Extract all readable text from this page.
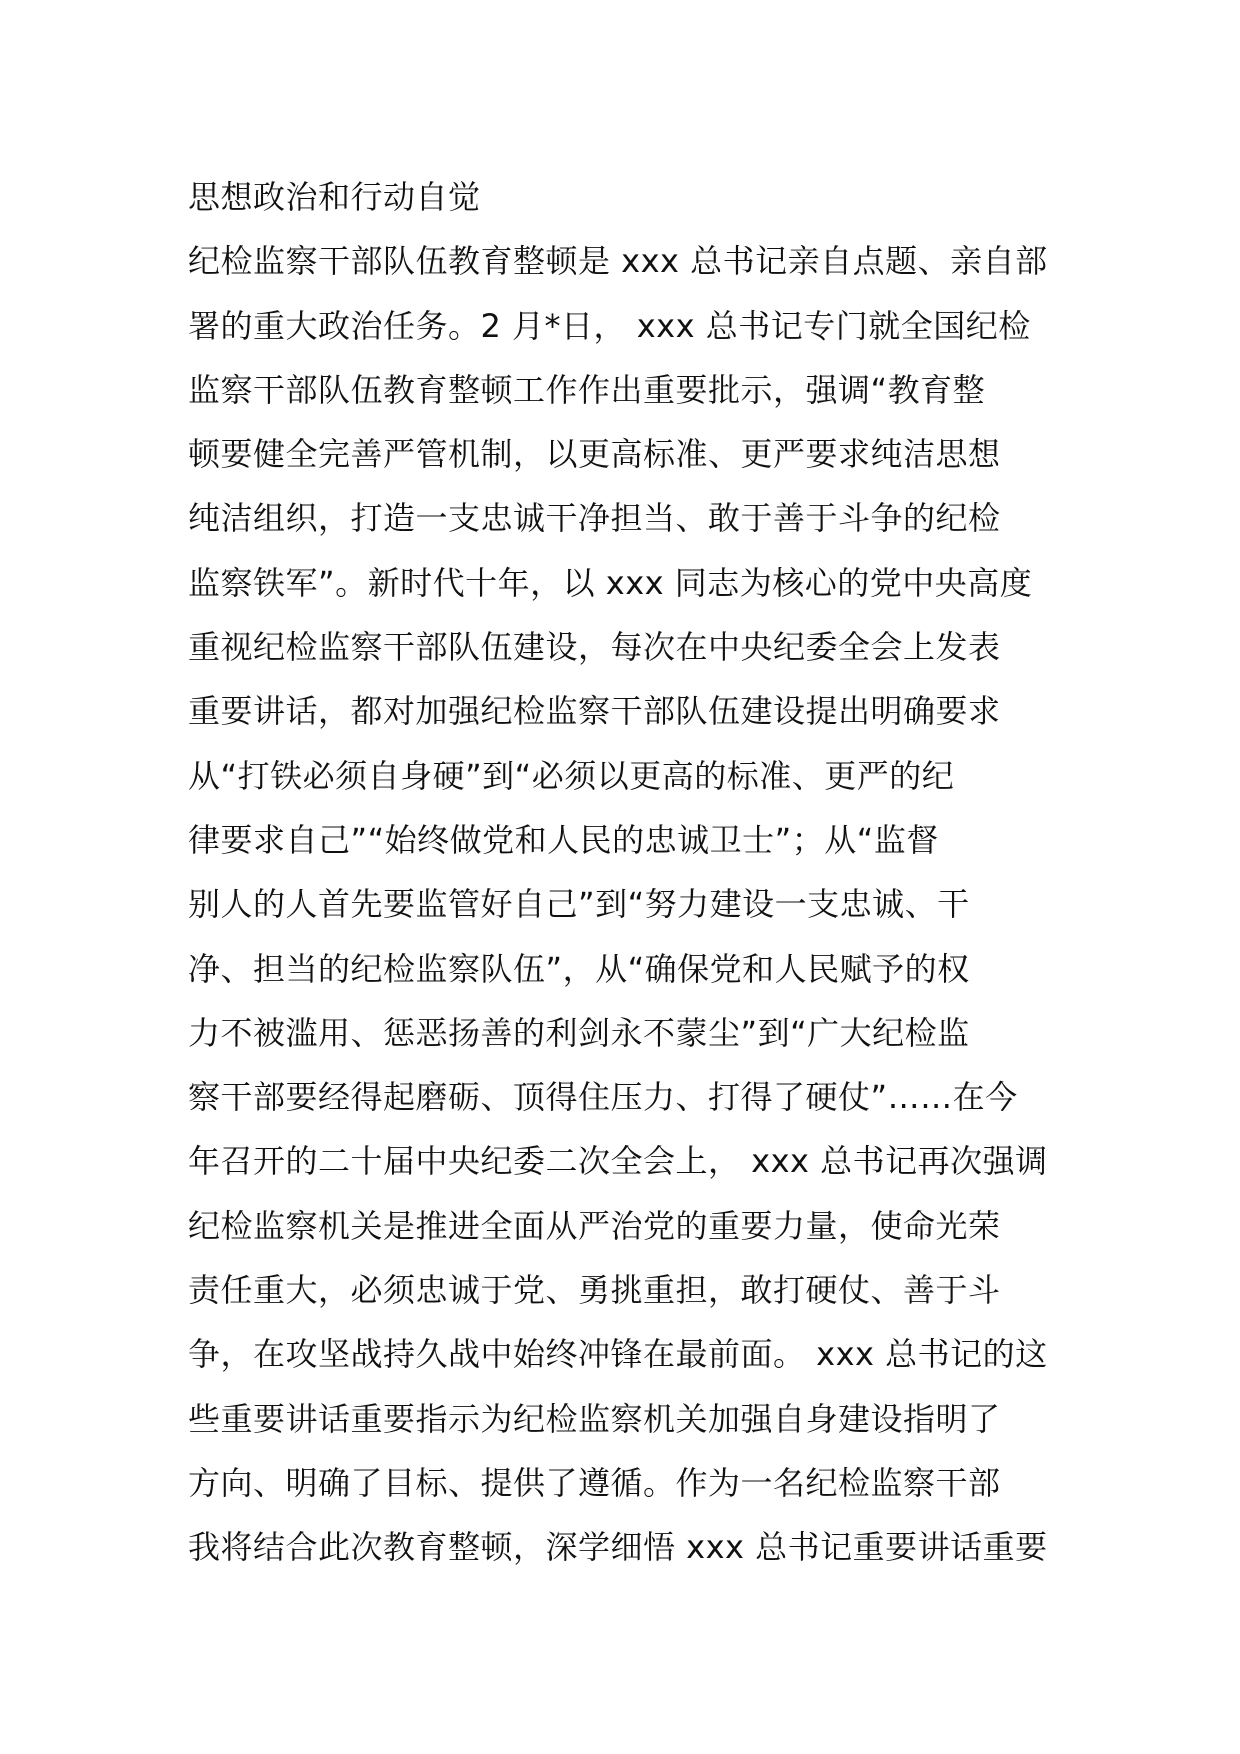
思想政治和行动自觉
纪检监察干部队伍教育整顿是 xxx 总书记亲自点题、亲自部
署的重大政治任务。2 月*日， xxx 总书记专门就全国纪检
监察干部队伍教育整顿工作作出重要批示，强调“教育整
顿要健全完善严管机制，以更高标准、更严要求纯洁思想
纯洁组织，打造一支忠诚干净担当、敢于善于斗争的纪检
监察铁军”。新时代十年，以 xxx 同志为核心的党中央高度
重视纪检监察干部队伍建设，每次在中央纪委全会上发表
重要讲话，都对加强纪检监察干部队伍建设提出明确要求
从“打铁必须自身硬”到“必须以更高的标准、更严的纪
律要求自己”“始终做党和人民的忠诚卫士”；从“监督
别人的人首先要监管好自己”到“努力建设一支忠诚、干
净、担当的纪检监察队伍”，从“确保党和人民赋予的权
力不被滥用、惩恶扬善的利剑永不蒙尘”到“广大纪检监
察干部要经得起磨砺、顶得住压力、打得了硬仗”……在今
年召开的二十届中央纪委二次全会上， xxx 总书记再次强调
纪检监察机关是推进全面从严治党的重要力量，使命光荣
责任重大，必须忠诚于党、勇挑重担，敢打硬仗、善于斗
争，在攻坚战持久战中始终冲锋在最前面。 xxx 总书记的这
些重要讲话重要指示为纪检监察机关加强自身建设指明了
方向、明确了目标、提供了遵循。作为一名纪检监察干部
我将结合此次教育整顿，深学细悟 xxx 总书记重要讲话重要
